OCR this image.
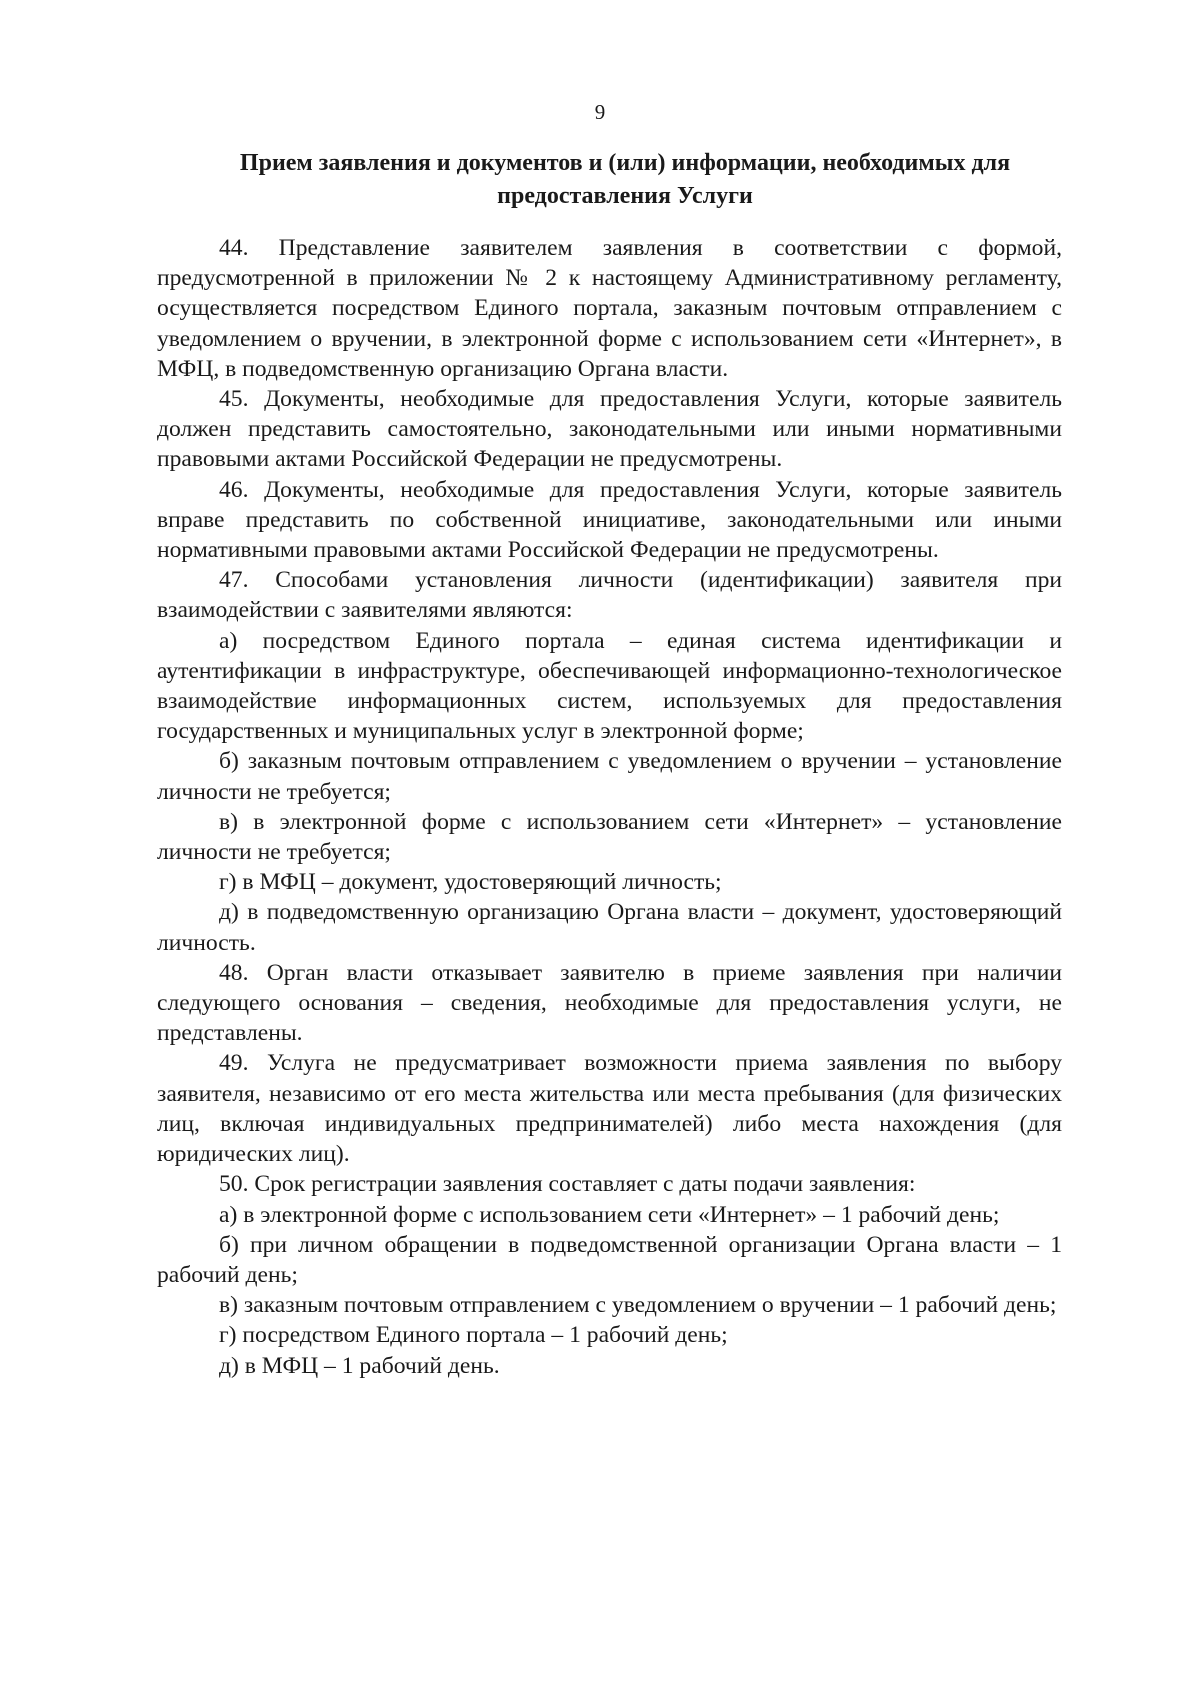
9
Прием заявления и документов и (или) информации, необходимых для предоставления Услуги

44. Представление заявителем заявления в соответствии с формой, предусмотренной в приложении № 2 к настоящему Административному регламенту, осуществляется посредством Единого портала, заказным почтовым отправлением с уведомлением о вручении, в электронной форме с использованием сети «Интернет», в МФЦ, в подведомственную организацию Органа власти.

45. Документы, необходимые для предоставления Услуги, которые заявитель должен представить самостоятельно, законодательными или иными нормативными правовыми актами Российской Федерации не предусмотрены.

46. Документы, необходимые для предоставления Услуги, которые заявитель вправе представить по собственной инициативе, законодательными или иными нормативными правовыми актами Российской Федерации не предусмотрены.

47. Способами установления личности (идентификации) заявителя при взаимодействии с заявителями являются:

а) посредством Единого портала – единая система идентификации и аутентификации в инфраструктуре, обеспечивающей информационно-технологическое взаимодействие информационных систем, используемых для предоставления государственных и муниципальных услуг в электронной форме;

б) заказным почтовым отправлением с уведомлением о вручении – установление личности не требуется;

в) в электронной форме с использованием сети «Интернет» – установление личности не требуется;

г) в МФЦ – документ, удостоверяющий личность;

д) в подведомственную организацию Органа власти – документ, удостоверяющий личность.

48. Орган власти отказывает заявителю в приеме заявления при наличии следующего основания – сведения, необходимые для предоставления услуги, не представлены.

49. Услуга не предусматривает возможности приема заявления по выбору заявителя, независимо от его места жительства или места пребывания (для физических лиц, включая индивидуальных предпринимателей) либо места нахождения (для юридических лиц).

50. Срок регистрации заявления составляет с даты подачи заявления:

а) в электронной форме с использованием сети «Интернет» – 1 рабочий день;

б) при личном обращении в подведомственной организации Органа власти – 1 рабочий день;

в) заказным почтовым отправлением с уведомлением о вручении – 1 рабочий день;

г) посредством Единого портала – 1 рабочий день;

д) в МФЦ – 1 рабочий день.
